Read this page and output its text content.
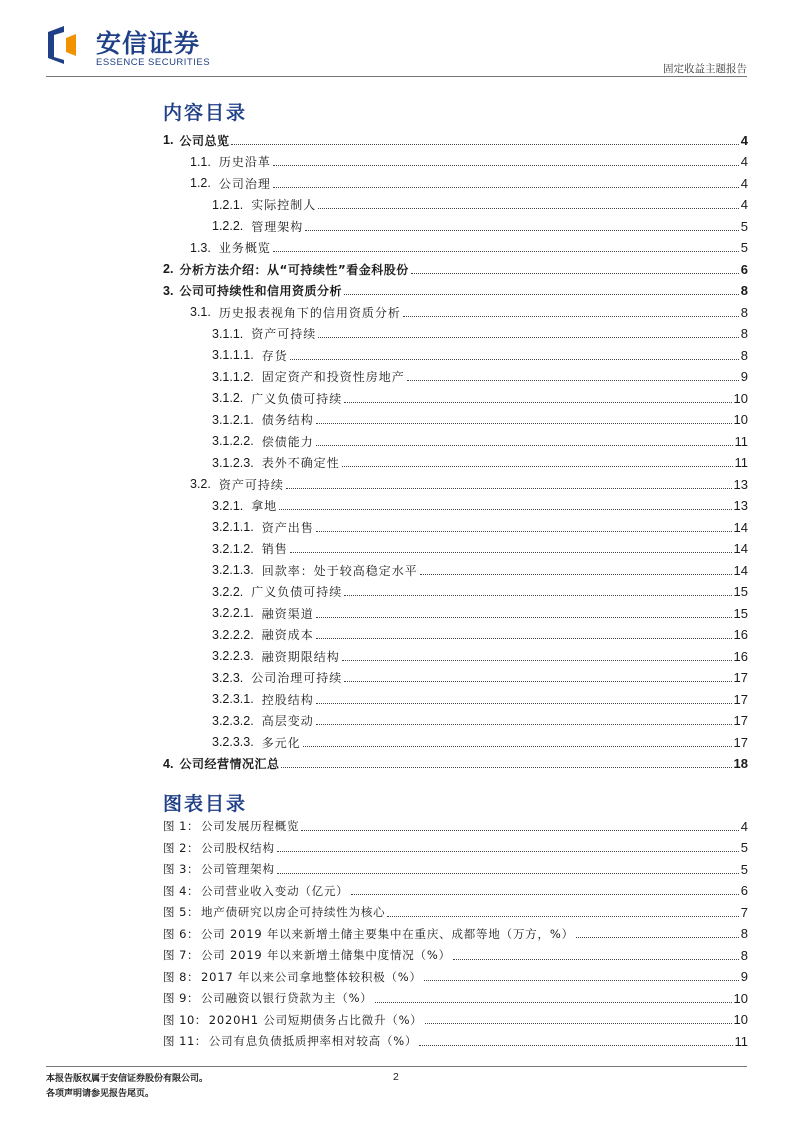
安信证券
ESSENCE SECURITIES
固定收益主题报告
内容目录
1. 公司总览	4
1.1. 历史沿革	4
1.2. 公司治理	4
1.2.1. 实际控制人	4
1.2.2. 管理架构	5
1.3. 业务概览	5
2. 分析方法介绍：从“可持续性”看金科股份	6
3. 公司可持续性和信用资质分析	8
3.1. 历史报表视角下的信用资质分析	8
3.1.1. 资产可持续	8
3.1.1.1. 存货	8
3.1.1.2. 固定资产和投资性房地产	9
3.1.2. 广义负债可持续	10
3.1.2.1. 债务结构	10
3.1.2.2. 偿债能力	11
3.1.2.3. 表外不确定性	11
3.2. 资产可持续	13
3.2.1. 拿地	13
3.2.1.1. 资产出售	14
3.2.1.2. 销售	14
3.2.1.3. 回款率：处于较高稳定水平	14
3.2.2. 广义负债可持续	15
3.2.2.1. 融资渠道	15
3.2.2.2. 融资成本	16
3.2.2.3. 融资期限结构	16
3.2.3. 公司治理可持续	17
3.2.3.1. 控股结构	17
3.2.3.2. 高层变动	17
3.2.3.3. 多元化	17
4. 公司经营情况汇总	18
图表目录
图 1： 公司发展历程概览	4
图 2： 公司股权结构	5
图 3： 公司管理架构	5
图 4： 公司营业收入变动（亿元）	6
图 5： 地产债研究以房企可持续性为核心	7
图 6： 公司 2019 年以来新增土储主要集中在重庆、成都等地（万方，%）	8
图 7： 公司 2019 年以来新增土储集中度情况（%）	8
图 8： 2017 年以来公司拿地整体较积极（%）	9
图 9： 公司融资以银行贷款为主（%）	10
图 10： 2020H1 公司短期债务占比微升（%）	10
图 11： 公司有息负债抵质押率相对较高（%）	11
本报告版权属于安信证券股份有限公司。
各项声明请参见报告尾页。
2
